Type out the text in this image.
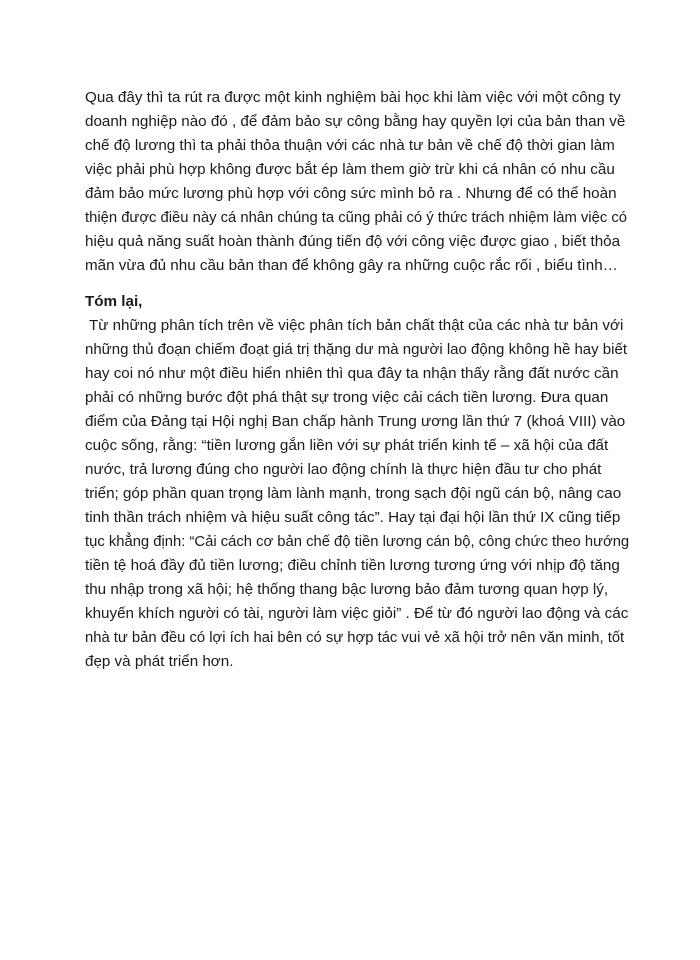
Qua đây thì ta rút ra được một kinh nghiệm bài học khi làm việc với một công ty
doanh nghiệp nào đó , để đảm bảo sự công bằng hay quyền lợi của bản than về
chế độ lương thì ta phải thỏa thuận với các nhà tư bản về chế độ thời gian làm
việc phải phù hợp không được bắt ép làm them giờ trừ khi cá nhân có nhu cầu
đảm bảo mức lương phù hợp với công sức mình bỏ ra . Nhưng để có thể hoàn
thiện được điều này cá nhân chúng ta cũng phải có ý thức trách nhiệm làm việc có
hiệu quả năng suất hoàn thành đúng tiến độ với công việc được giao , biết thỏa
mãn vừa đủ nhu cầu bản than để không gây ra những cuộc rắc rối , biểu tình…
Tóm lại,
Từ những phân tích trên về việc phân tích bản chất thật của các nhà tư bản với
những thủ đoạn chiếm đoạt giá trị thặng dư mà người lao động không hề hay biết
hay coi nó như một điều hiển nhiên thì qua đây ta nhận thấy rằng đất nước cần
phải có những bước đột phá thật sự trong việc cải cách tiền lương. Đưa quan
điểm của Đảng tại Hội nghị Ban chấp hành Trung ương lần thứ 7 (khoá VIII) vào
cuộc sống, rằng: “tiền lương gắn liền với sự phát triển kinh tế – xã hội của đất
nước, trả lương đúng cho người lao động chính là thực hiện đầu tư cho phát
triển; góp phần quan trọng làm lành mạnh, trong sạch đội ngũ cán bộ, nâng cao
tinh thần trách nhiệm và hiệu suất công tác”. Hay tại đại hội lần thứ IX cũng tiếp
tục khẳng định: “Cải cách cơ bản chế độ tiền lương cán bộ, công chức theo hướng
tiền tệ hoá đầy đủ tiền lương; điều chỉnh tiền lương tương ứng với nhịp độ tăng
thu nhập trong xã hội; hệ thống thang bậc lương bảo đảm tương quan hợp lý,
khuyến khích người có tài, người làm việc giỏi” . Để từ đó người lao động và các
nhà tư bản đều có lợi ích hai bên có sự hợp tác vui vẻ xã hội trở nên văn minh, tốt
đẹp và phát triển hơn.
